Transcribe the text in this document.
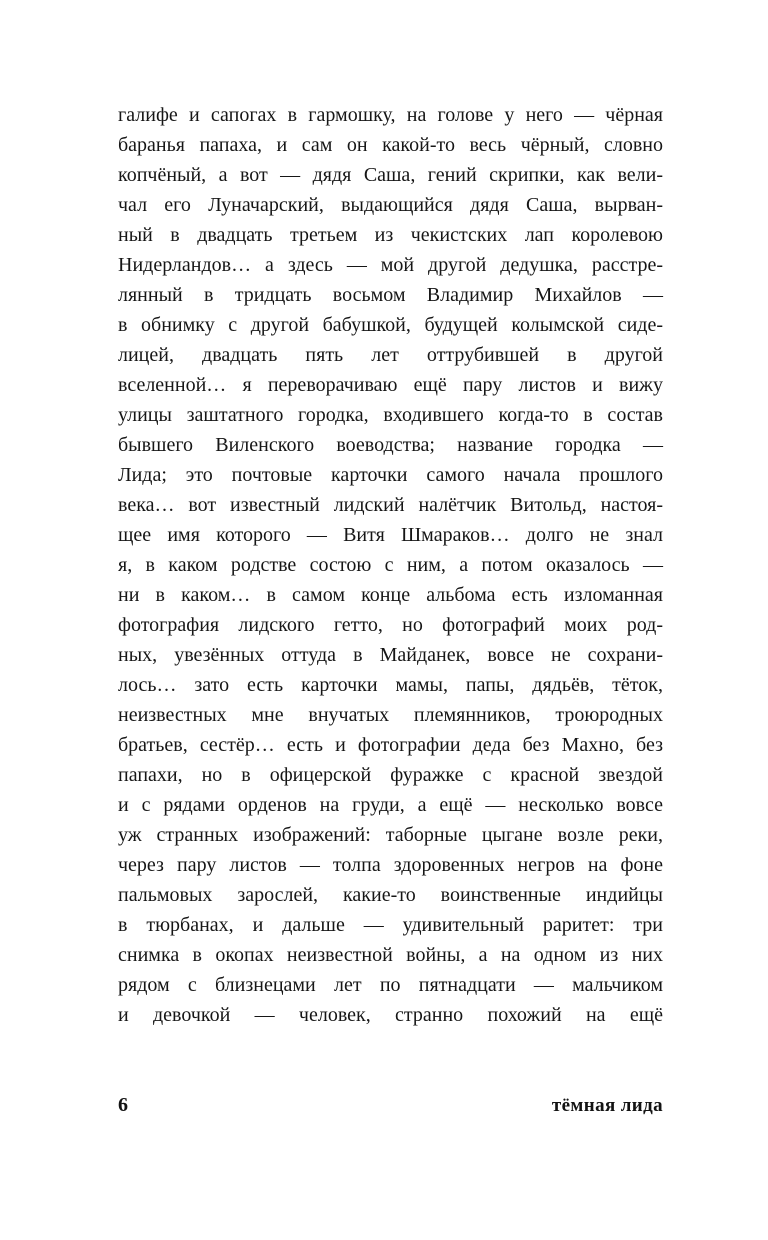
галифе и сапогах в гармошку, на голове у него — чёрная
баранья папаха, и сам он какой-то весь чёрный, словно
копчёный, а вот — дядя Саша, гений скрипки, как вели-
чал его Луначарский, выдающийся дядя Саша, вырван-
ный в двадцать третьем из чекистских лап королевою
Нидерландов… а здесь — мой другой дедушка, расстре-
лянный в тридцать восьмом Владимир Михайлов —
в обнимку с другой бабушкой, будущей колымской сиде-
лицей, двадцать пять лет оттрубившей в другой
вселенной… я переворачиваю ещё пару листов и вижу
улицы заштатного городка, входившего когда-то в состав
бывшего Виленского воеводства; название городка —
Лида; это почтовые карточки самого начала прошлого
века… вот известный лидский налётчик Витольд, настоя-
щее имя которого — Витя Шмараков… долго не знал
я, в каком родстве состою с ним, а потом оказалось —
ни в каком… в самом конце альбома есть изломанная
фотография лидского гетто, но фотографий моих род-
ных, увезённых оттуда в Майданек, вовсе не сохрани-
лось… зато есть карточки мамы, папы, дядьёв, тёток,
неизвестных мне внучатых племянников, троюродных
братьев, сестёр… есть и фотографии деда без Махно, без
папахи, но в офицерской фуражке с красной звездой
и с рядами орденов на груди, а ещё — несколько вовсе
уж странных изображений: таборные цыгане возле реки,
через пару листов — толпа здоровенных негров на фоне
пальмовых зарослей, какие-то воинственные индийцы
в тюрбанах, и дальше — удивительный раритет: три
снимка в окопах неизвестной войны, а на одном из них
рядом с близнецами лет по пятнадцати — мальчиком
и девочкой — человек, странно похожий на ещё
6	тёмная лида
